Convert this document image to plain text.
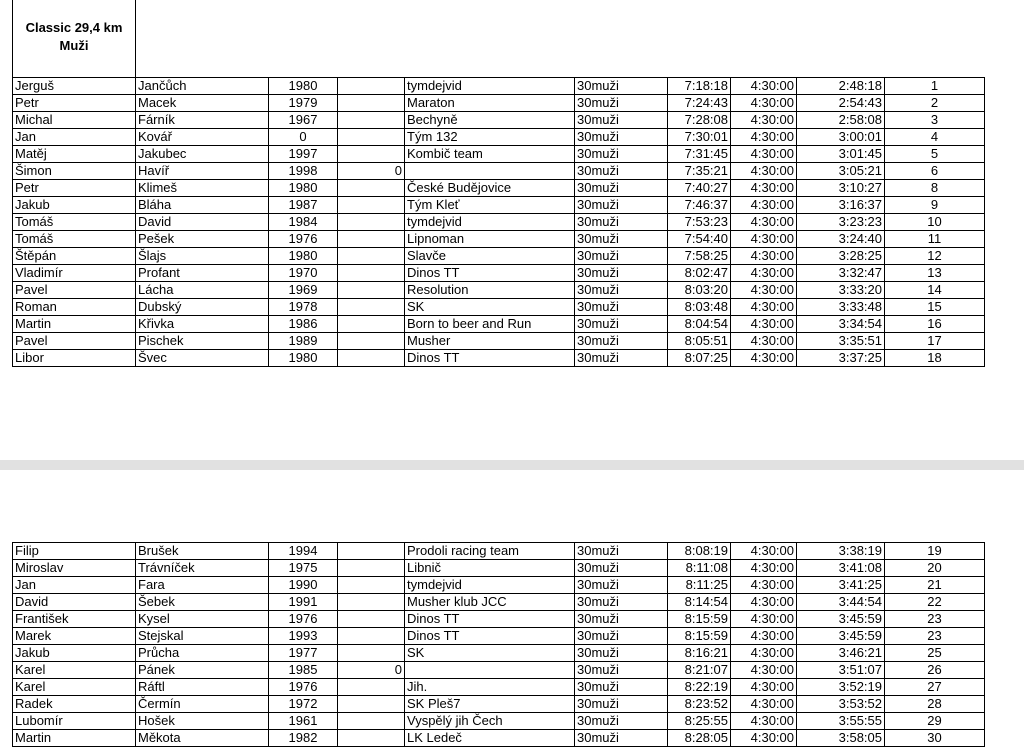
Classic 29,4 km
Muži									
Jerguš	Jančůch	1980		tymdejvid	30muži	7:18:18	4:30:00	2:48:18	1
Petr	Macek	1979		Maraton	30muži	7:24:43	4:30:00	2:54:43	2
Michal	Fárník	1967		Bechyně	30muži	7:28:08	4:30:00	2:58:08	3
Jan	Kovář	0		Tým 132	30muži	7:30:01	4:30:00	3:00:01	4
Matěj	Jakubec	1997		Kombič team	30muži	7:31:45	4:30:00	3:01:45	5
Šimon	Havíř	1998	0		30muži	7:35:21	4:30:00	3:05:21	6
Petr	Klimeš	1980		České Budějovice	30muži	7:40:27	4:30:00	3:10:27	8
Jakub	Bláha	1987		Tým Kleť	30muži	7:46:37	4:30:00	3:16:37	9
Tomáš	David	1984		tymdejvid	30muži	7:53:23	4:30:00	3:23:23	10
Tomáš	Pešek	1976		Lipnoman	30muži	7:54:40	4:30:00	3:24:40	11
Štěpán	Šlajs	1980		Slavče	30muži	7:58:25	4:30:00	3:28:25	12
Vladimír	Profant	1970		Dinos TT	30muži	8:02:47	4:30:00	3:32:47	13
Pavel	Lácha	1969		Resolution	30muži	8:03:20	4:30:00	3:33:20	14
Roman	Dubský	1978		SK	30muži	8:03:48	4:30:00	3:33:48	15
Martin	Křivka	1986		Born to beer and Run	30muži	8:04:54	4:30:00	3:34:54	16
Pavel	Pischek	1989		Musher	30muži	8:05:51	4:30:00	3:35:51	17
Libor	Švec	1980		Dinos TT	30muži	8:07:25	4:30:00	3:37:25	18
Filip	Brušek	1994		Prodoli racing team	30muži	8:08:19	4:30:00	3:38:19	19
Miroslav	Trávníček	1975		Libnič	30muži	8:11:08	4:30:00	3:41:08	20
Jan	Fara	1990		tymdejvid	30muži	8:11:25	4:30:00	3:41:25	21
David	Šebek	1991		Musher klub JCC	30muži	8:14:54	4:30:00	3:44:54	22
František	Kysel	1976		Dinos TT	30muži	8:15:59	4:30:00	3:45:59	23
Marek	Stejskal	1993		Dinos TT	30muži	8:15:59	4:30:00	3:45:59	23
Jakub	Průcha	1977		SK	30muži	8:16:21	4:30:00	3:46:21	25
Karel	Pánek	1985	0		30muži	8:21:07	4:30:00	3:51:07	26
Karel	Ráftl	1976		Jih.	30muži	8:22:19	4:30:00	3:52:19	27
Radek	Čermín	1972		SK Pleš7	30muži	8:23:52	4:30:00	3:53:52	28
Lubomír	Hošek	1961		Vyspělý jih Čech	30muži	8:25:55	4:30:00	3:55:55	29
Martin	Měkota	1982		LK Ledeč	30muži	8:28:05	4:30:00	3:58:05	30
